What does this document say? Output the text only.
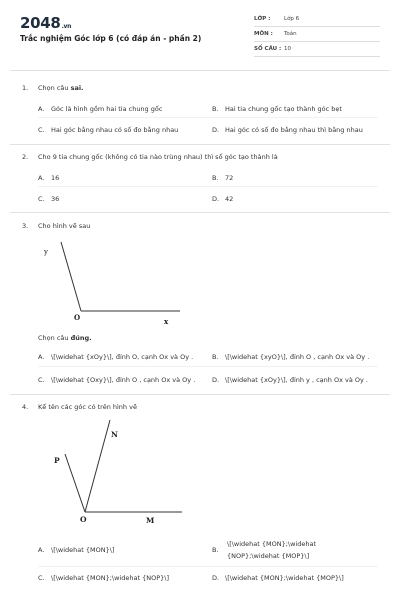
2048.vn
Trắc nghiệm Góc lớp 6 (có đáp án - phần 2)
LỚP : Lớp 6
MÔN : Toán
SỐ CÂU : 10
1. Chọn câu sai.
A. Góc là hình gồm hai tia chung gốc	B. Hai tia chung gốc tạo thành góc bẹt
C. Hai góc bằng nhau có số đo bằng nhau	D. Hai góc có số đo bằng nhau thì bằng nhau
2. Cho 9 tia chung gốc (không có tia nào trùng nhau) thì số góc tạo thành là
A. 16	B. 72
C. 36	D. 42
3. Cho hình vẽ sau
y
O	x
Chọn câu đúng.
A. \[\widehat {xOy}\], đỉnh O, cạnh Ox và Oy .	B. \[\widehat {xyO}\], đỉnh O , cạnh Ox và Oy .
C. \[\widehat {Oxy}\], đỉnh O , cạnh Ox và Oy .	D. \[\widehat {xOy}\], đỉnh y , cạnh Ox và Oy .
4. Kể tên các góc có trên hình vẽ
N
P
O	M
A. \[\widehat {MON}\]	B.
\[\widehat {MON};\widehat
{NOP};\widehat {MOP}\]
C. \[\widehat {MON};\widehat {NOP}\]	D. \[\widehat {MON};\widehat {MOP}\]
